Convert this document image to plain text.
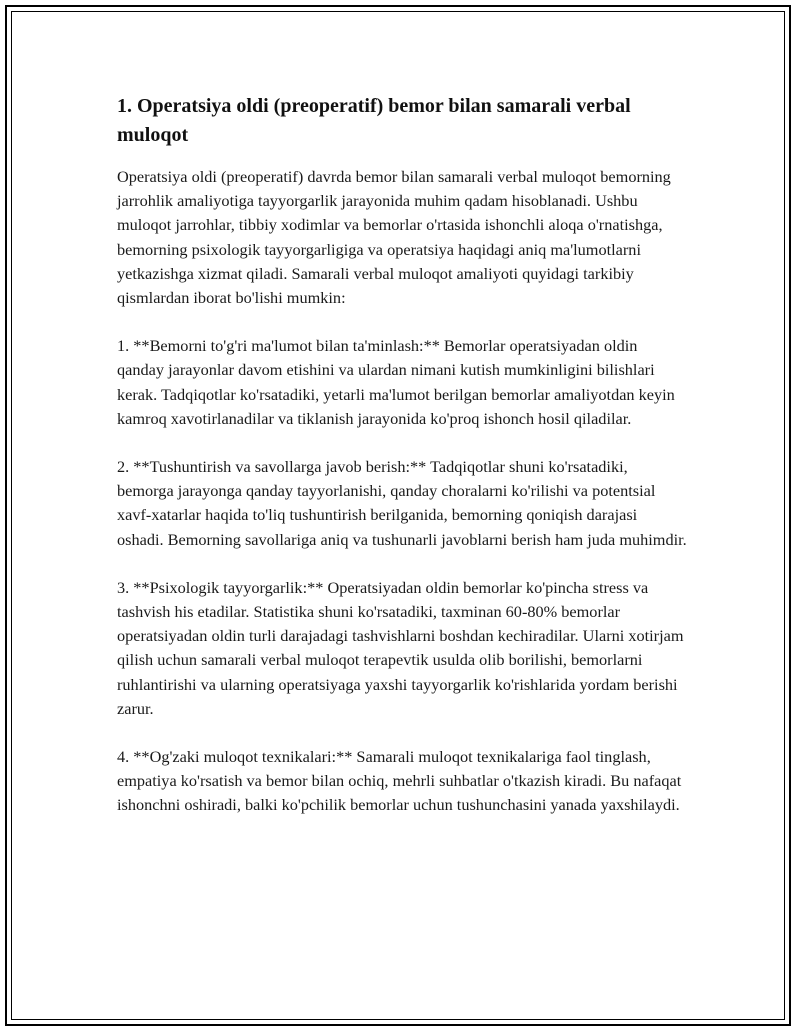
1. Operatsiya oldi (preoperatif) bemor bilan samarali verbal muloqot

Operatsiya oldi (preoperatif) davrda bemor bilan samarali verbal muloqot bemorning jarrohlik amaliyotiga tayyorgarlik jarayonida muhim qadam hisoblanadi. Ushbu muloqot jarrohlar, tibbiy xodimlar va bemorlar o'rtasida ishonchli aloqa o'rnatishga, bemorning psixologik tayyorgarligiga va operatsiya haqidagi aniq ma'lumotlarni yetkazishga xizmat qiladi. Samarali verbal muloqot amaliyoti quyidagi tarkibiy qismlardan iborat bo'lishi mumkin:

1. **Bemorni to'g'ri ma'lumot bilan ta'minlash:** Bemorlar operatsiyadan oldin qanday jarayonlar davom etishini va ulardan nimani kutish mumkinligini bilishlari kerak. Tadqiqotlar ko'rsatadiki, yetarli ma'lumot berilgan bemorlar amaliyotdan keyin kamroq xavotirlanadilar va tiklanish jarayonida ko'proq ishonch hosil qiladilar.

2. **Tushuntirish va savollarga javob berish:** Tadqiqotlar shuni ko'rsatadiki, bemorga jarayonga qanday tayyorlanishi, qanday choralarni ko'rilishi va potentsial xavf-xatarlar haqida to'liq tushuntirish berilganida, bemorning qoniqish darajasi oshadi. Bemorning savollariga aniq va tushunarli javoblarni berish ham juda muhimdir.

3. **Psixologik tayyorgarlik:** Operatsiyadan oldin bemorlar ko'pincha stress va tashvish his etadilar. Statistika shuni ko'rsatadiki, taxminan 60-80% bemorlar operatsiyadan oldin turli darajadagi tashvishlarni boshdan kechiradilar. Ularni xotirjam qilish uchun samarali verbal muloqot terapevtik usulda olib borilishi, bemorlarni ruhlantirishi va ularning operatsiyaga yaxshi tayyorgarlik ko'rishlarida yordam berishi zarur.

4. **Og'zaki muloqot texnikalari:** Samarali muloqot texnikalariga faol tinglash, empatiya ko'rsatish va bemor bilan ochiq, mehrli suhbatlar o'tkazish kiradi. Bu nafaqat ishonchni oshiradi, balki ko'pchilik bemorlar uchun tushunchasini yanada yaxshilaydi.
